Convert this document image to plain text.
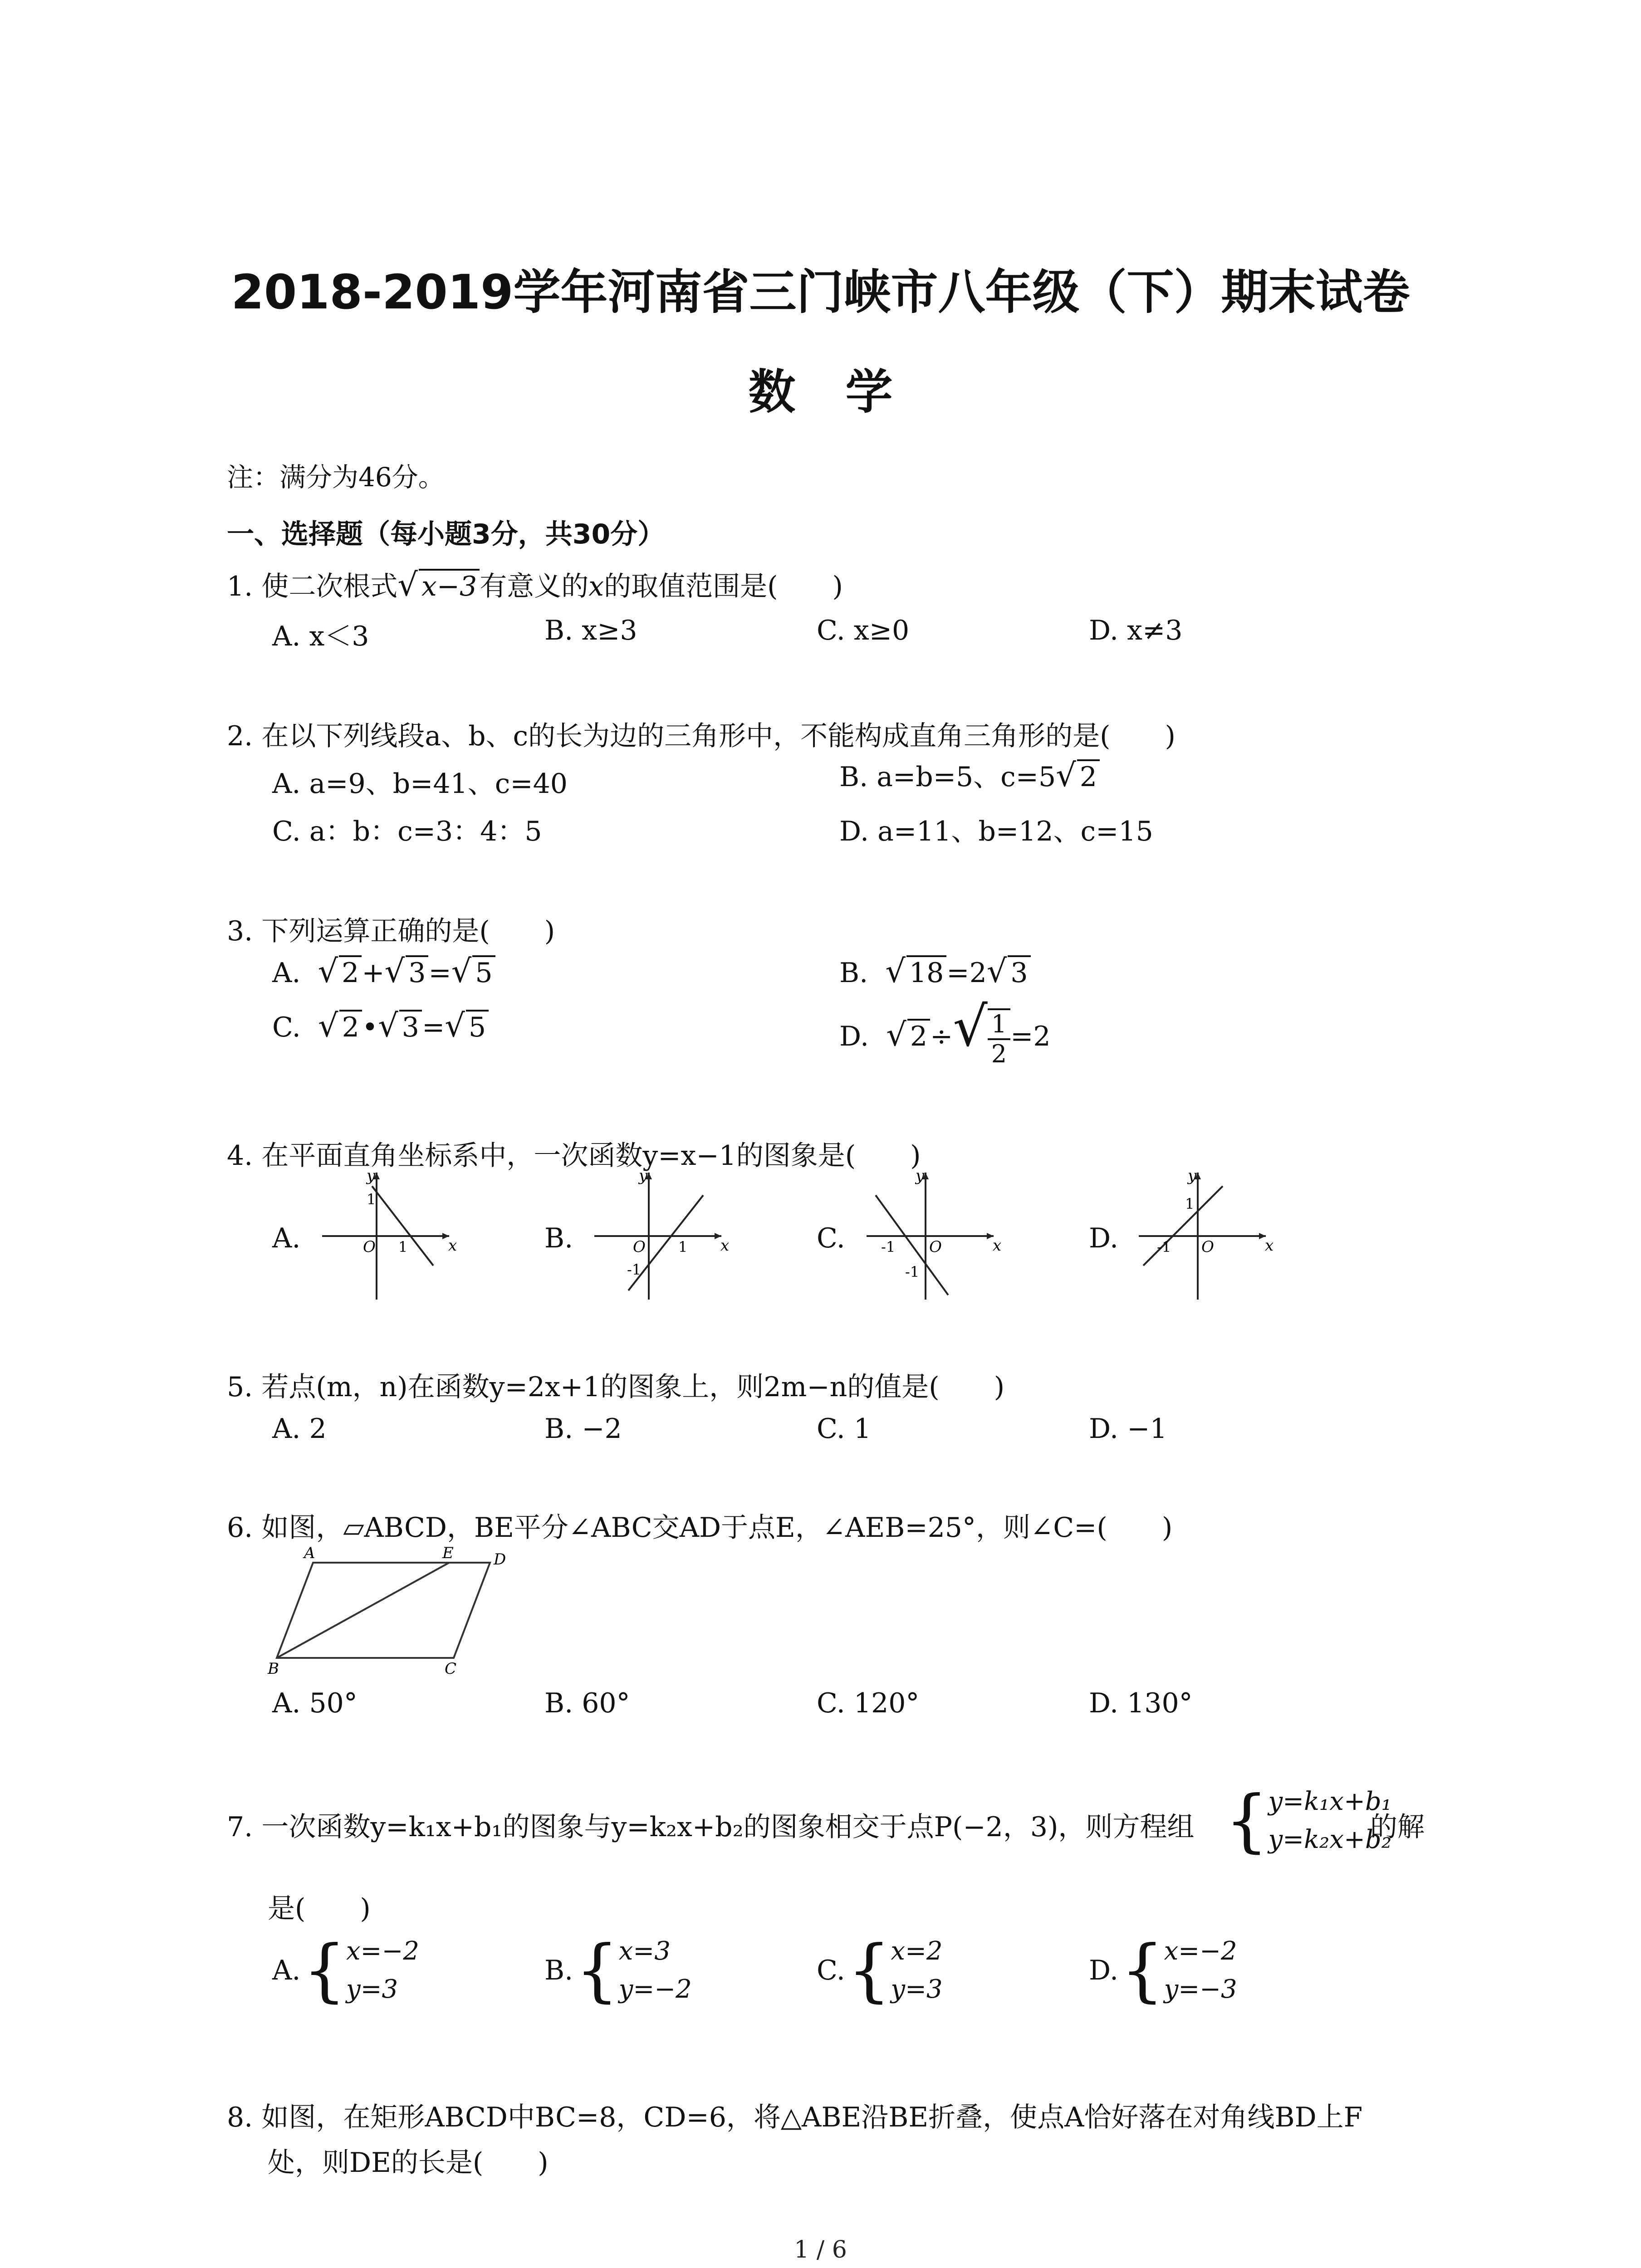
2018-2019学年河南省三门峡市八年级（下）期末试卷
数学
注：满分为46分。
一、选择题（每小题3分，共30分）
1. 使二次根式√ x−3 有意义的x的取值范围是(　　)
A. x＜3	B. x≥3	C. x≥0	D. x≠3
2. 在以下列线段a、b、c的长为边的三角形中，不能构成直角三角形的是(　　)
A. a=9、b=41、c=40	B. a=b=5、c=5√ 2
C. a：b：c=3：4：5	D. a=11、b=12、c=15
3. 下列运算正确的是(　　)
A. √ 2 +√ 3 =√ 5	B. √ 18 =2√ 3
C. √ 2 •√ 3 =√ 5	D. √ 2 ÷√ $\frac{1}{2} =2$
4. 在平面直角坐标系中，一次函数y=x−1的图象是(　　)
A.
y
x
O
1
1	B.
y
x
O 1
-1
C.
y
x
O
-1
-1
D.
y
x
O
1
-1
5. 若点(m，n)在函数y=2x+1的图象上，则2m−n的值是(　　)
A. 2	B. −2	C. 1	D. −1
6. 如图，▱ABCD，BE平分∠ABC交AD于点E，∠AEB=25°，则∠C=(　　)
A	E	D
B	C
A. 50°	B. 60°	C. 120°	D. 130°
7. 一次函数y=k₁x+b₁的图象与y=k₂x+b₂的图象相交于点P(−2，3)，则方程组 { y=k₁x+b₁
y=k₂x+b₂
的解
是(　　)
A. { x=−2
y=3
B. { x=3
y=−2
C. { x=2
y=3
D. { x=−2
y=−3
8. 如图，在矩形ABCD中BC=8，CD=6，将△ABE沿BE折叠，使点A恰好落在对角线BD上F
处，则DE的长是(　　)
1 / 6
